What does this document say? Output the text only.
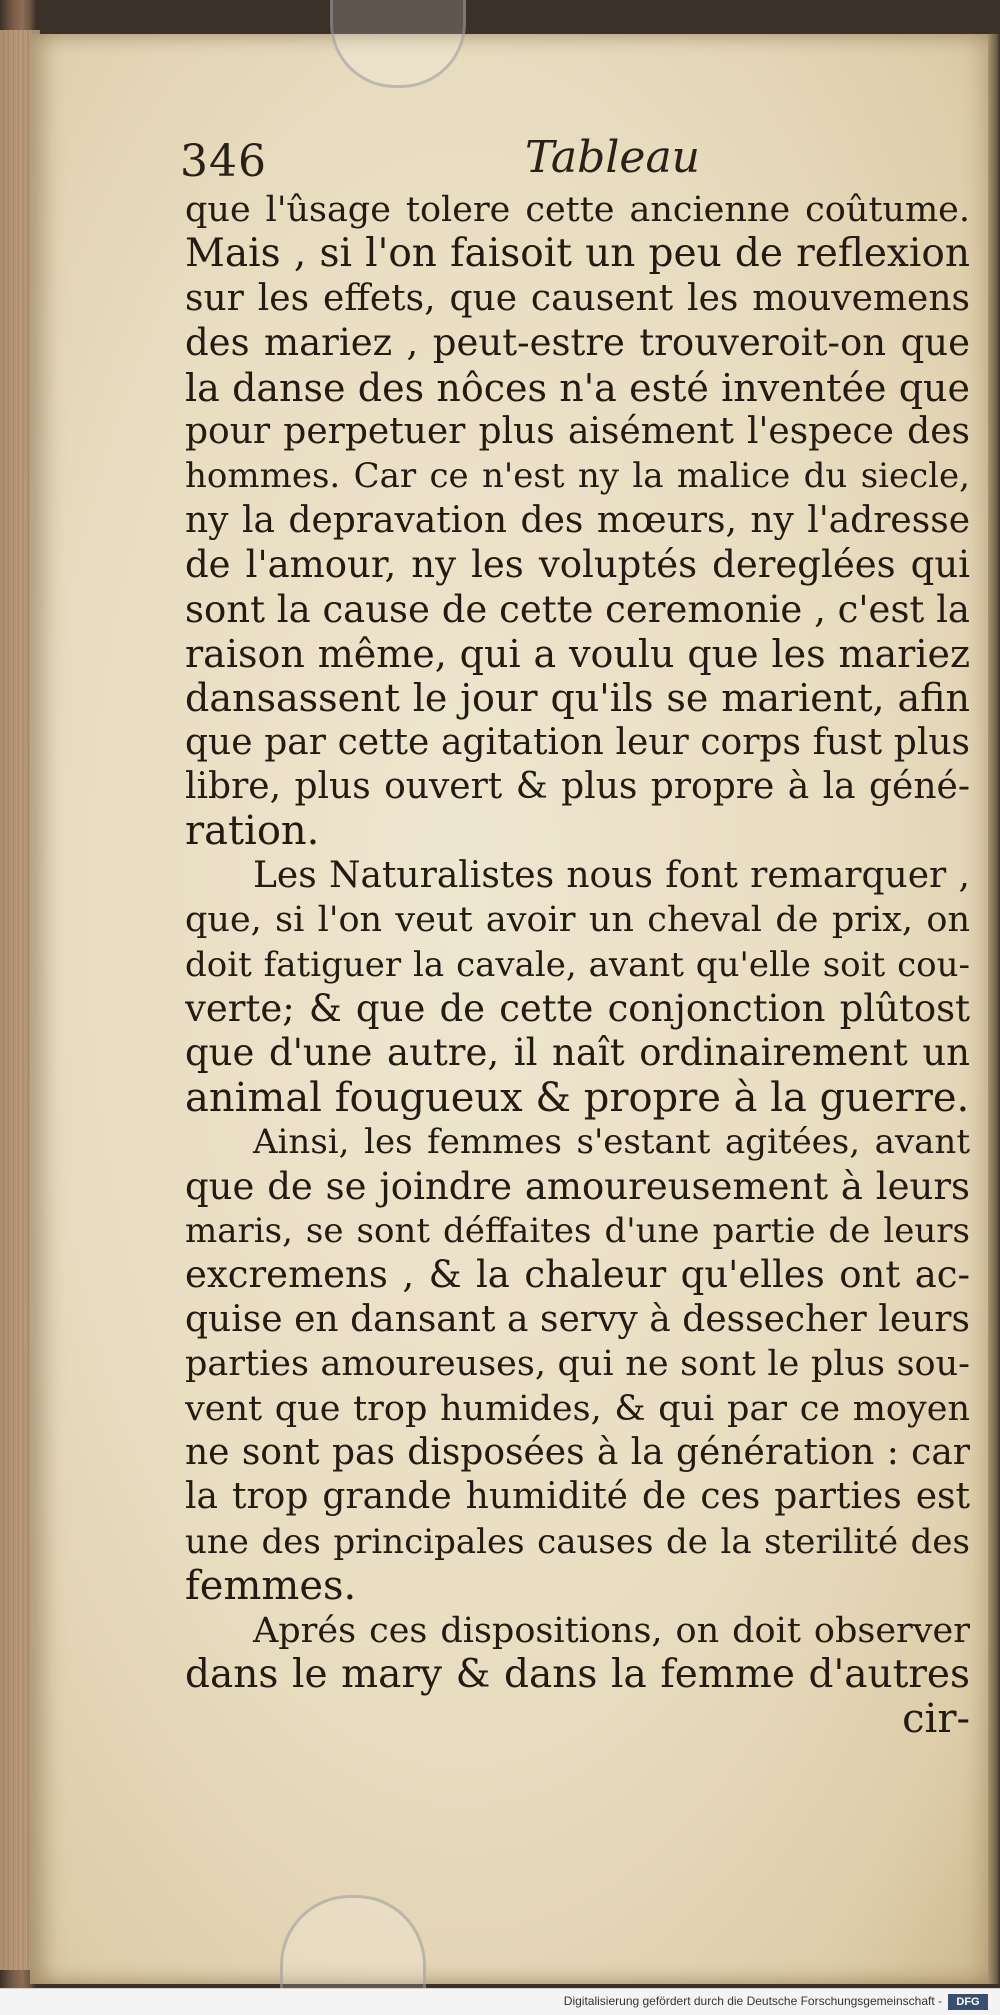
346	Tableau
que l'ûsage tolere cette ancienne coûtume.
Mais , si l'on faisoit un peu de reflexion
sur les effets, que causent les mouvemens
des mariez , peut-estre trouveroit-on que
la danse des nôces n'a esté inventée que
pour perpetuer plus aisément l'espece des
hommes. Car ce n'est ny la malice du siecle,
ny la depravation des mœurs, ny l'adresse
de l'amour, ny les voluptés dereglées qui
sont la cause de cette ceremonie , c'est la
raison même, qui a voulu que les mariez
dansassent le jour qu'ils se marient, afin
que par cette agitation leur corps fust plus
libre, plus ouvert & plus propre à la géné-
ration.
Les Naturalistes nous font remarquer ,
que, si l'on veut avoir un cheval de prix, on
doit fatiguer la cavale, avant qu'elle soit cou-
verte; & que de cette conjonction plûtost
que d'une autre, il naît ordinairement un
animal fougueux & propre à la guerre.
Ainsi, les femmes s'estant agitées, avant
que de se joindre amoureusement à leurs
maris, se sont déffaites d'une partie de leurs
excremens , & la chaleur qu'elles ont ac-
quise en dansant a servy à dessecher leurs
parties amoureuses, qui ne sont le plus sou-
vent que trop humides, & qui par ce moyen
ne sont pas disposées à la génération : car
la trop grande humidité de ces parties est
une des principales causes de la sterilité des
femmes.
Aprés ces dispositions, on doit observer
dans le mary & dans la femme d'autres
cir-
Digitalisierung gefördert durch die Deutsche Forschungsgemeinschaft -	DFG
